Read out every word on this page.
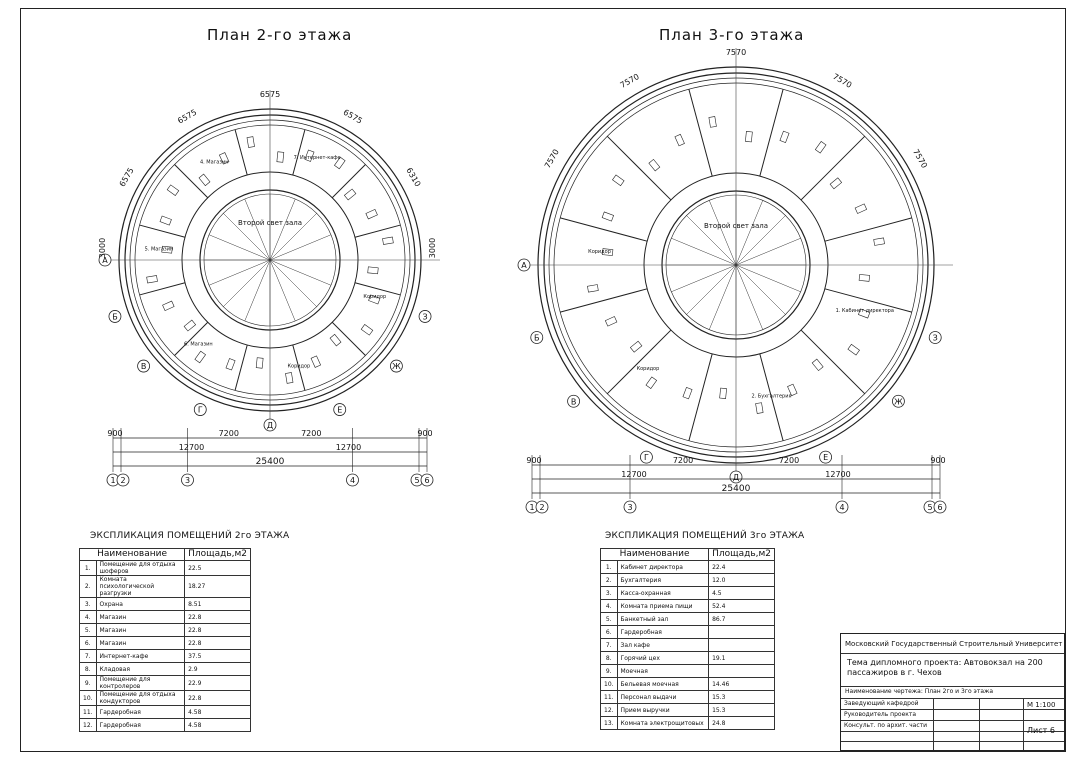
План 2-го этажа	План 3-го этажа
Второй свет зала
А
Б
В
Г
Д
Е
Ж
З
6575
6575
6575
6575
6310
3000	3000
900	7200	7200	900
12700	12700
25400
1 2	3	4	5 6
Коридор
Коридор
6. Магазин
5. Магазин
4. Магазин
7. Интернет-кафе
Второй свет зала
А
Б
В
Г
Д
Е
Ж
З
7570
7570
7570
7570
7570
900	7200	7200	900
12700	12700
25400
1 2	3	4	5 6
1. Кабинет директора
2. Бухгалтерия
Коридор
Коридор
ЭКСПЛИКАЦИЯ ПОМЕЩЕНИЙ 2го ЭТАЖА
Наименование		Площадь,м2
1.	Помещение для отдыха шоферов	22.5
2.	Комната психологической разгрузки	18.27
3.	Охрана	8.51
4.	Магазин	22.8
5.	Магазин	22.8
6.	Магазин	22.8
7.	Интернет-кафе	37.5
8.	Кладовая	2.9
9.	Помещение для контролеров	22.9
10.	Помещение для отдыха кондукторов	22.8
11.	Гардеробная	4.58
12.	Гардеробная	4.58
ЭКСПЛИКАЦИЯ ПОМЕЩЕНИЙ 3го ЭТАЖА
Наименование		Площадь,м2
1.	Кабинет директора	22.4
2.	Бухгалтерия	12.0
3.	Касса-охранная	4.5
4.	Комната приема пищи	52.4
5.	Банкетный зал	86.7
6.	Гардеробная	
7.	Зал кафе	
8.	Горячий цех	19.1
9.	Моечная	
10.	Бельевая моечная	14.46
11.	Персонал выдачи	15.3
12.	Прием выручки	15.3
13.	Комната электрощитовых	24.8
Московский Государственный Строительный Университет
Тема дипломного проекта: Автовокзал на 200 пассажиров в г. Чехов
Наименование чертежа: План 2го и 3го этажа
Заведующий кафедрой
Руководитель проекта
Консульт. по архит. части
М 1:100
Лист 6
